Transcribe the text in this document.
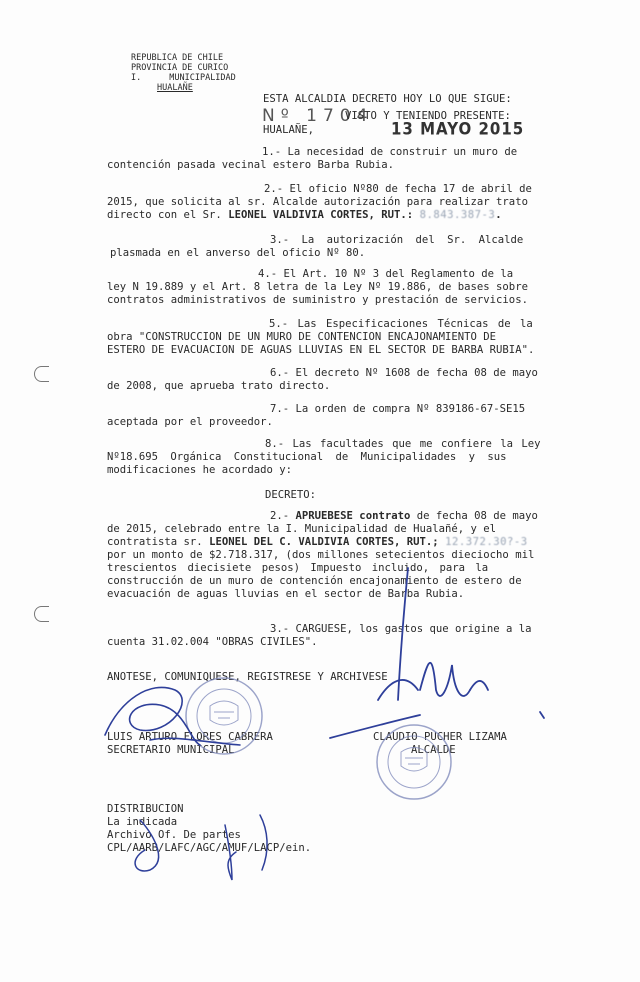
REPUBLICA DE CHILE
PROVINCIA DE CURICO
I.	MUNICIPALIDAD
HUALAÑE
ESTA ALCALDIA DECRETO HOY LO QUE SIGUE:
Nº 1704
VISTO Y TENIENDO PRESENTE:
HUALAÑE,	13 MAYO 2015
1.- La necesidad de construir un muro de
contención pasada vecinal estero Barba Rubia.
2.- El oficio Nº80 de fecha 17 de abril de
2015, que solicita al sr. Alcalde autorización para realizar trato
directo con el Sr. LEONEL VALDIVIA CORTES, RUT.: 8.843.387-3.
3.- La autorización del Sr. Alcalde
plasmada en el anverso del oficio Nº 80.
4.- El Art. 10 Nº 3 del Reglamento de la
ley N 19.889 y el Art. 8 letra de la Ley Nº 19.886, de bases sobre
contratos administrativos de suministro y prestación de servicios.
5.- Las Especificaciones Técnicas de la
obra "CONSTRUCCION DE UN MURO DE CONTENCION ENCAJONAMIENTO DE
ESTERO DE EVACUACION DE AGUAS LLUVIAS EN EL SECTOR DE BARBA RUBIA".
6.- El decreto Nº 1608 de fecha 08 de mayo
de 2008, que aprueba trato directo.
7.- La orden de compra Nº 839186-67-SE15
aceptada por el proveedor.
8.- Las facultades que me confiere la Ley
Nº18.695 Orgánica Constitucional de Municipalidades y sus
modificaciones he acordado y:
DECRETO:
2.- APRUEBESE contrato de fecha 08 de mayo
de 2015, celebrado entre la I. Municipalidad de Hualañé, y el
contratista sr. LEONEL DEL C. VALDIVIA CORTES, RUT.; 12.372.30?-3
por un monto de $2.718.317, (dos millones setecientos dieciocho mil
trescientos diecisiete pesos) Impuesto incluido, para la
construcción de un muro de contención encajonamiento de estero de
evacuación de aguas lluvias en el sector de Barba Rubia.
3.- CARGUESE, los gastos que origine a la
cuenta 31.02.004 "OBRAS CIVILES".
ANOTESE, COMUNIQUESE, REGISTRESE Y ARCHIVESE
LUIS ARTURO FLORES CABRERA
SECRETARIO MUNICIPAL
CLAUDIO PUCHER LIZAMA
ALCALDE
DISTRIBUCION
La indicada
Archivo Of. De partes
CPL/AARB/LAFC/AGC/AMUF/LACP/ein.
